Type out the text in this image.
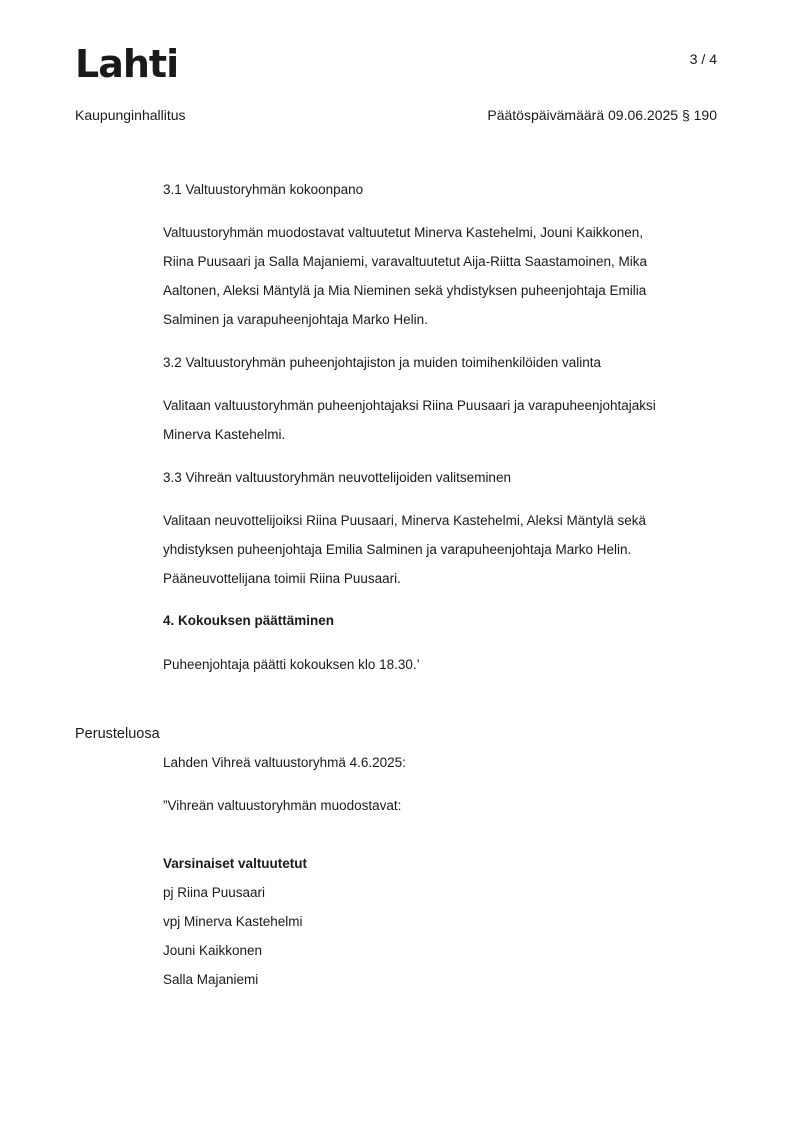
Lahti	3 / 4
Kaupunginhallitus	Päätöspäivämäärä 09.06.2025 § 190
3.1 Valtuustoryhmän kokoonpano
Valtuustoryhmän muodostavat valtuutetut Minerva Kastehelmi, Jouni Kaikkonen,
Riina Puusaari ja Salla Majaniemi, varavaltuutetut Aija-Riitta Saastamoinen, Mika
Aaltonen, Aleksi Mäntylä ja Mia Nieminen sekä yhdistyksen puheenjohtaja Emilia
Salminen ja varapuheenjohtaja Marko Helin.
3.2 Valtuustoryhmän puheenjohtajiston ja muiden toimihenkilöiden valinta
Valitaan valtuustoryhmän puheenjohtajaksi Riina Puusaari ja varapuheenjohtajaksi
Minerva Kastehelmi.
3.3 Vihreän valtuustoryhmän neuvottelijoiden valitseminen
Valitaan neuvottelijoiksi Riina Puusaari, Minerva Kastehelmi, Aleksi Mäntylä sekä
yhdistyksen puheenjohtaja Emilia Salminen ja varapuheenjohtaja Marko Helin.
Pääneuvottelijana toimii Riina Puusaari.
4. Kokouksen päättäminen
Puheenjohtaja päätti kokouksen klo 18.30.’
Perusteluosa
Lahden Vihreä valtuustoryhmä 4.6.2025:
”Vihreän valtuustoryhmän muodostavat:
Varsinaiset valtuutetut
pj Riina Puusaari
vpj Minerva Kastehelmi
Jouni Kaikkonen
Salla Majaniemi
